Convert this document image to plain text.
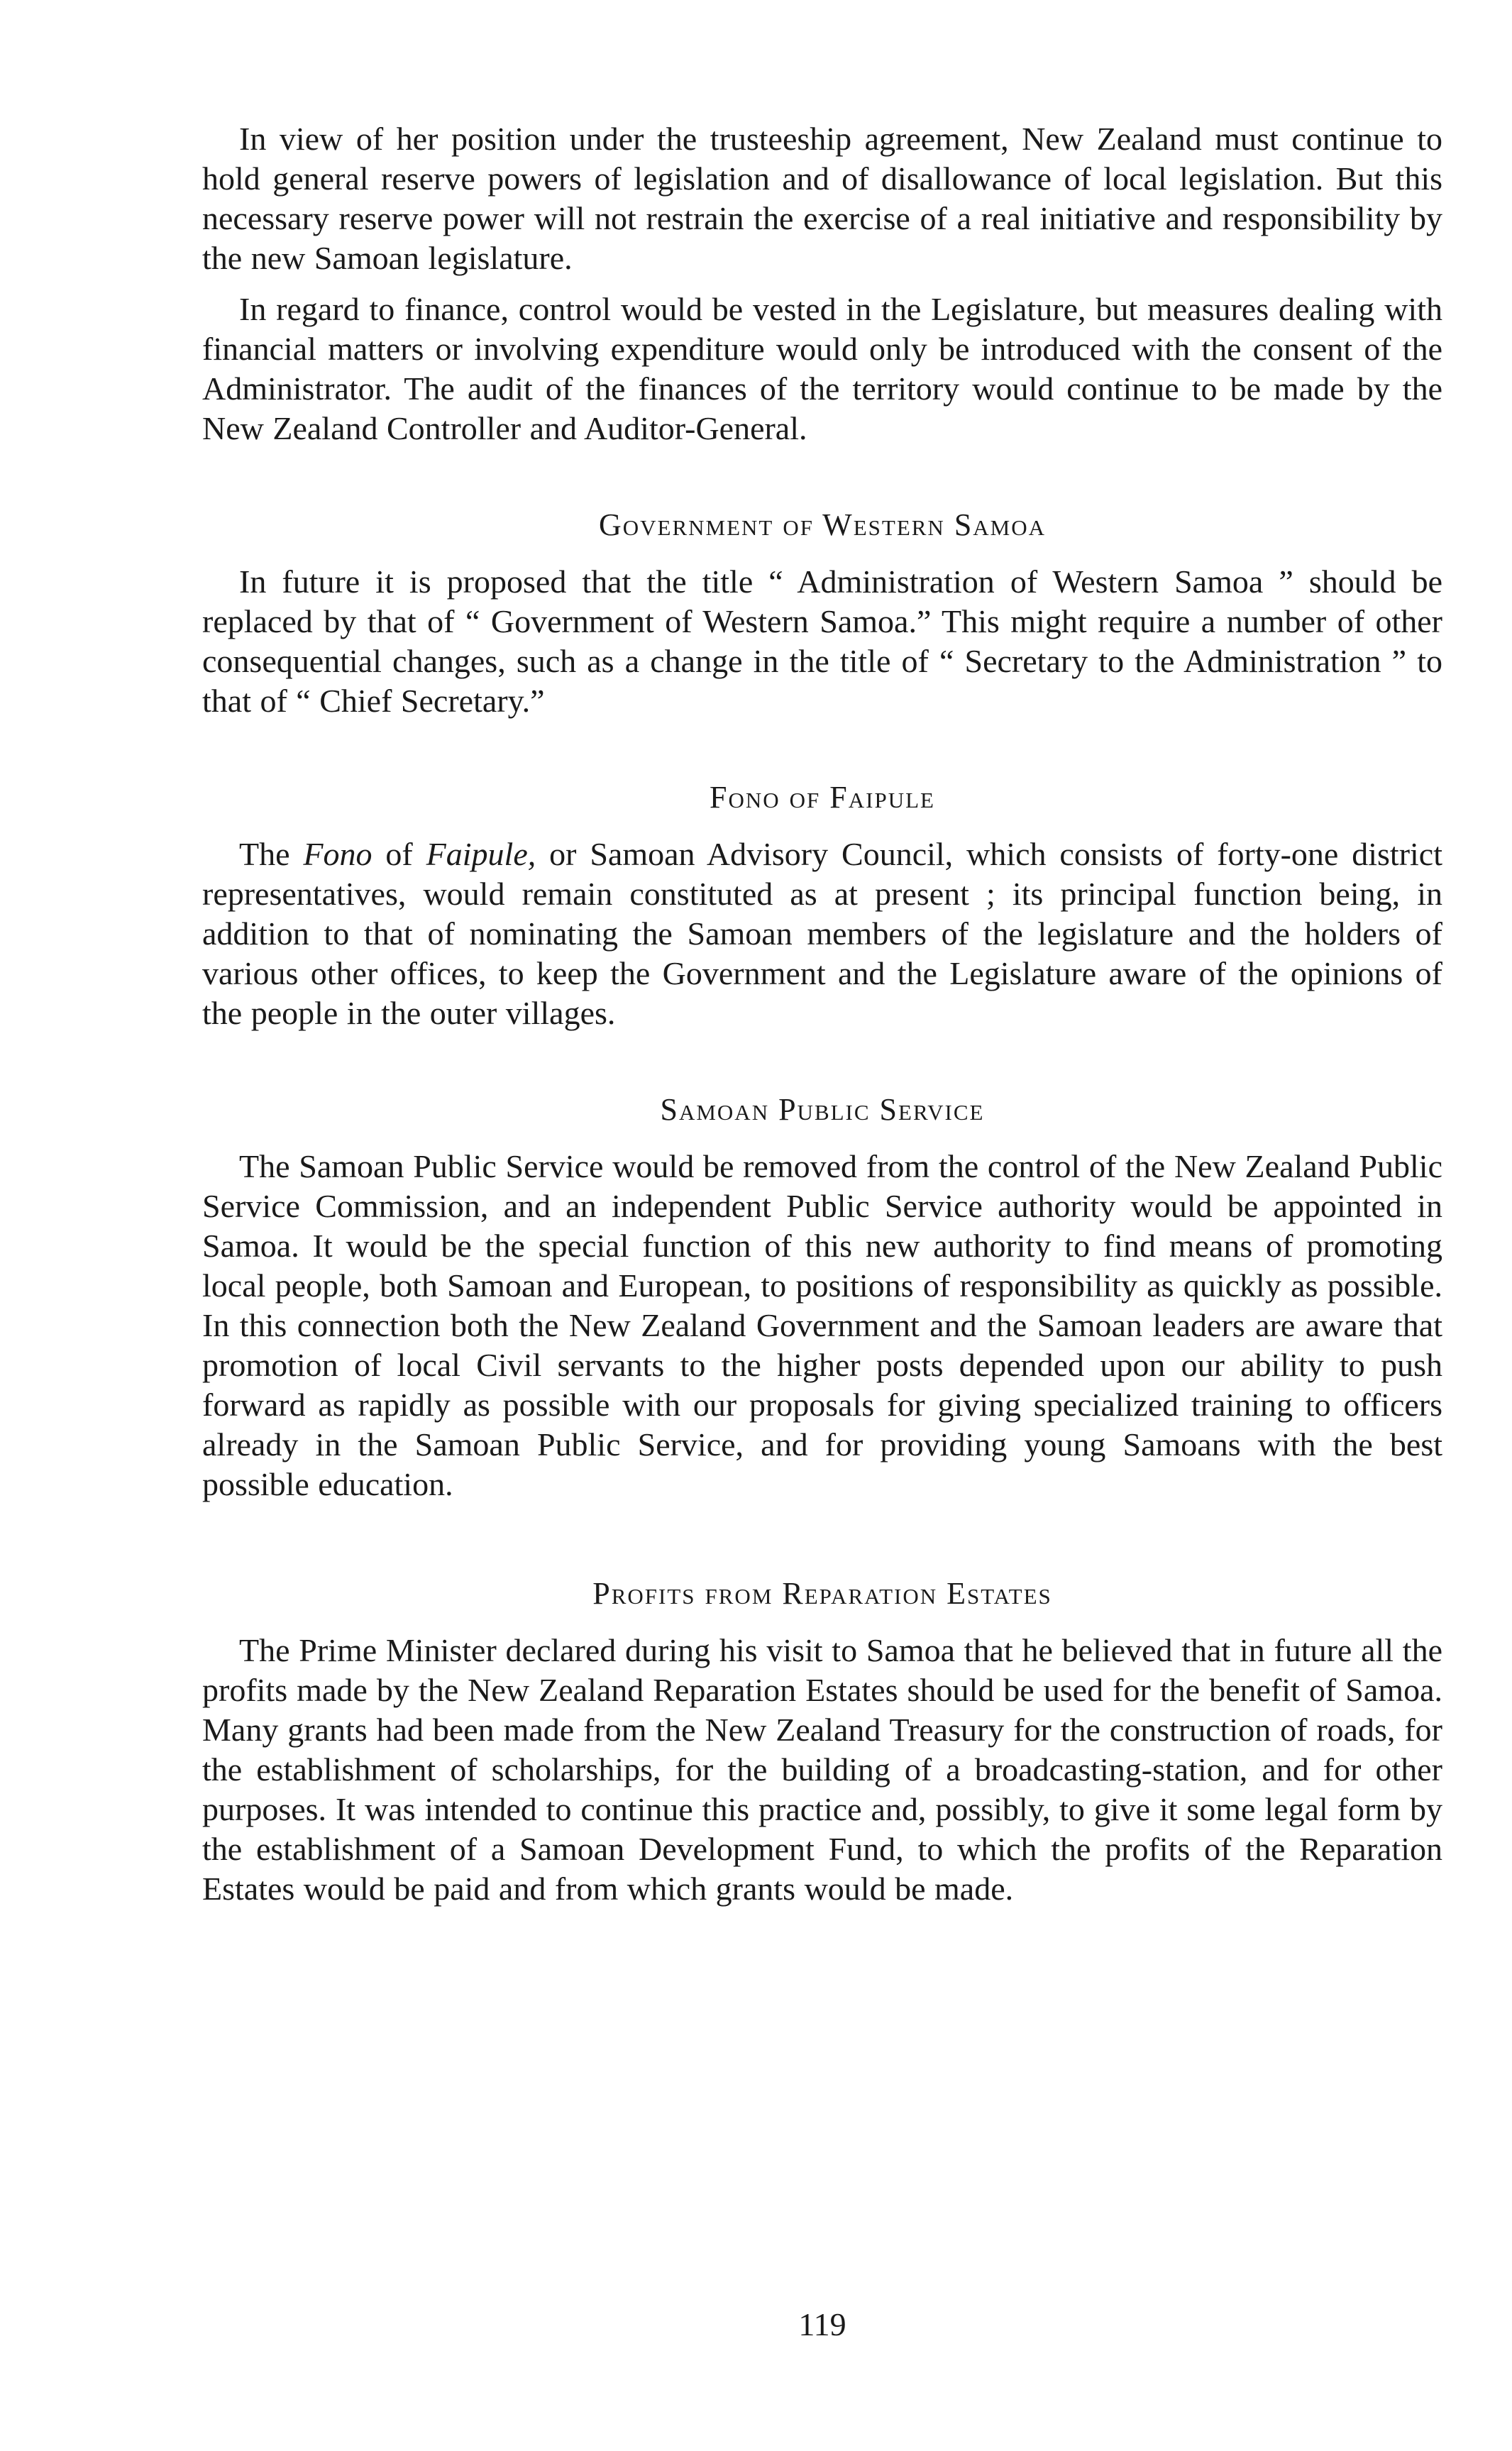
In view of her position under the trusteeship agreement, New Zealand must continue to hold general reserve powers of legislation and of disallowance of local legislation. But this necessary reserve power will not restrain the exercise of a real initiative and responsibility by the new Samoan legislature.

In regard to finance, control would be vested in the Legislature, but measures dealing with financial matters or involving expenditure would only be introduced with the consent of the Administrator. The audit of the finances of the territory would continue to be made by the New Zealand Controller and Auditor-General.

Government of Western Samoa

In future it is proposed that the title “ Administration of Western Samoa ” should be replaced by that of “ Government of Western Samoa.” This might require a number of other consequential changes, such as a change in the title of “ Secretary to the Administration ” to that of “ Chief Secretary.”

Fono of Faipule

The Fono of Faipule, or Samoan Advisory Council, which consists of forty-one district representatives, would remain constituted as at present ; its principal function being, in addition to that of nominating the Samoan members of the legislature and the holders of various other offices, to keep the Government and the Legislature aware of the opinions of the people in the outer villages.

Samoan Public Service

The Samoan Public Service would be removed from the control of the New Zealand Public Service Commission, and an independent Public Service authority would be appointed in Samoa. It would be the special function of this new authority to find means of promoting local people, both Samoan and European, to positions of responsibility as quickly as possible. In this connection both the New Zealand Government and the Samoan leaders are aware that promotion of local Civil servants to the higher posts depended upon our ability to push forward as rapidly as possible with our proposals for giving specialized training to officers already in the Samoan Public Service, and for providing young Samoans with the best possible education.

Profits from Reparation Estates

The Prime Minister declared during his visit to Samoa that he believed that in future all the profits made by the New Zealand Reparation Estates should be used for the benefit of Samoa. Many grants had been made from the New Zealand Treasury for the construction of roads, for the establishment of scholarships, for the building of a broadcasting-station, and for other purposes. It was intended to continue this practice and, possibly, to give it some legal form by the establishment of a Samoan Development Fund, to which the profits of the Reparation Estates would be paid and from which grants would be made.

119
